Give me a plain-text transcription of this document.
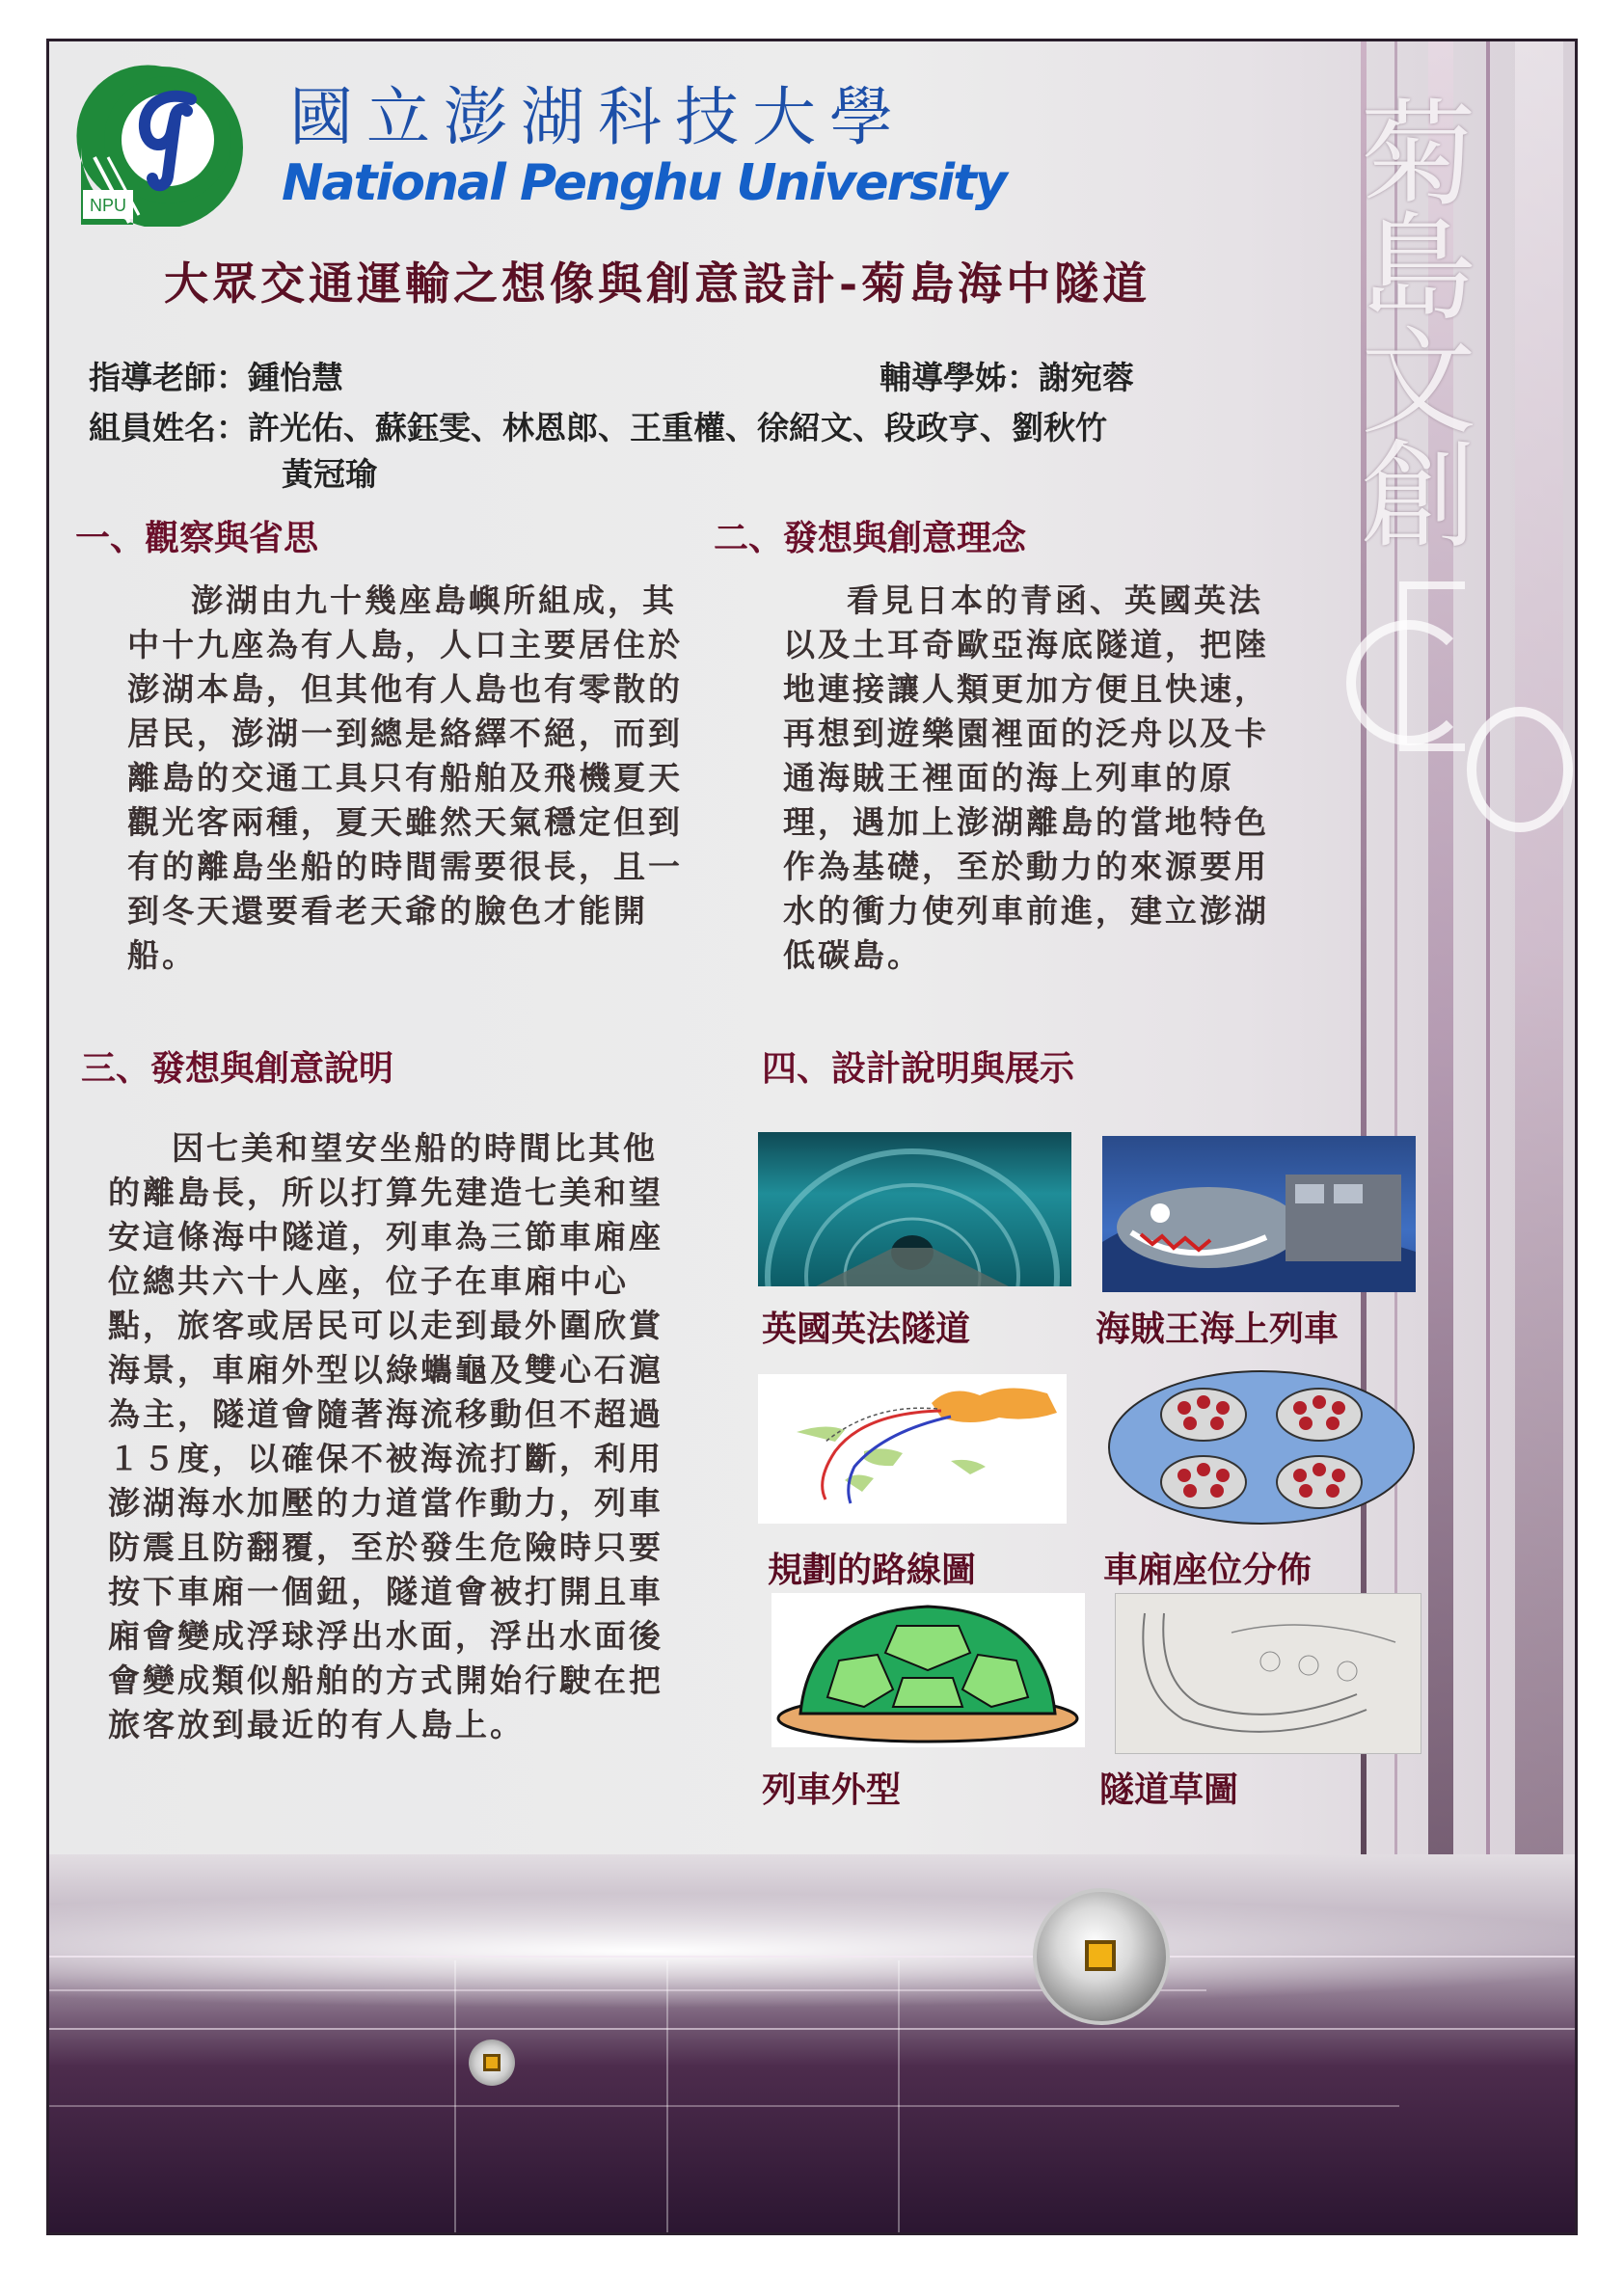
菊
島
文
創
NPU
國立澎湖科技大學
National Penghu University
大眾交通運輸之想像與創意設計-菊島海中隧道
指導老師：鍾怡慧	輔導學姊：謝宛蓉
組員姓名：許光佑、蘇鈺雯、林恩郎、王重權、徐紹文、段政亨、劉秋竹
黃冠瑜
一、觀察與省思
澎湖由九十幾座島嶼所組成，其中十九座為有人島，人口主要居住於澎湖本島，但其他有人島也有零散的居民，澎湖一到總是絡繹不絕，而到離島的交通工具只有船舶及飛機夏天觀光客兩種，夏天雖然天氣穩定但到有的離島坐船的時間需要很長，且一到冬天還要看老天爺的臉色才能開船。
二、發想與創意理念
看見日本的青函、英國英法以及土耳奇歐亞海底隧道，把陸地連接讓人類更加方便且快速，再想到遊樂園裡面的泛舟以及卡通海賊王裡面的海上列車的原理，遇加上澎湖離島的當地特色作為基礎，至於動力的來源要用水的衝力使列車前進，建立澎湖低碳島。
三、發想與創意說明
因七美和望安坐船的時間比其他的離島長，所以打算先建造七美和望安這條海中隧道，列車為三節車廂座位總共六十人座，位子在車廂中心點，旅客或居民可以走到最外圍欣賞海景，車廂外型以綠蠵龜及雙心石滬為主，隧道會隨著海流移動但不超過１５度，以確保不被海流打斷，利用澎湖海水加壓的力道當作動力，列車防震且防翻覆，至於發生危險時只要按下車廂一個鈕，隧道會被打開且車廂會變成浮球浮出水面，浮出水面後會變成類似船舶的方式開始行駛在把旅客放到最近的有人島上。
四、設計說明與展示
英國英法隧道	海賊王海上列車
規劃的路線圖	車廂座位分佈
列車外型	隧道草圖
